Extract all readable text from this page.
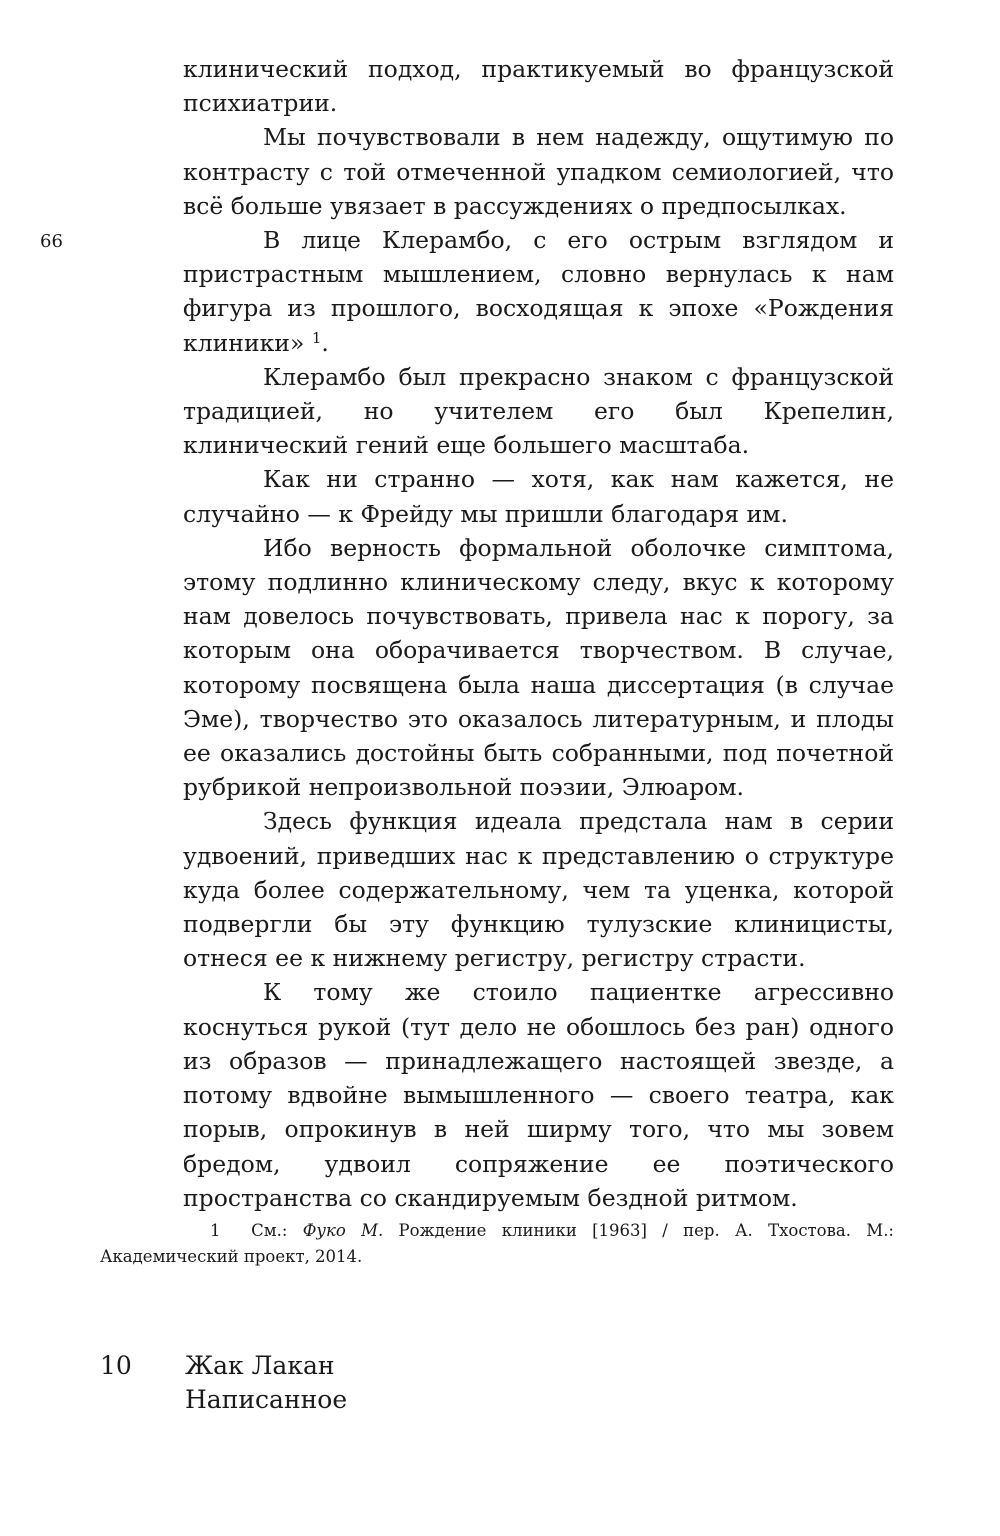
66

клинический подход, практикуемый во французской психиатрии.

Мы почувствовали в нем надежду, ощутимую по контрасту с той отмеченной упадком семиологией, что всё больше увязает в рассуждениях о предпосылках.

В лице Клерамбо, с его острым взглядом и пристрастным мышлением, словно вернулась к нам фигура из прошлого, восходящая к эпохе «Рождения клиники» $^1$.

Клерамбо был прекрасно знаком с французской традицией, но учителем его был Крепелин, клинический гений еще большего масштаба.

Как ни странно — хотя, как нам кажется, не случайно — к Фрейду мы пришли благодаря им.

Ибо верность формальной оболочке симптома, этому подлинно клиническому следу, вкус к которому нам довелось почувствовать, привела нас к порогу, за которым она оборачивается творчеством. В случае, которому посвящена была наша диссертация (в случае Эме), творчество это оказалось литературным, и плоды ее оказались достойны быть собранными, под почетной рубрикой непроизвольной поэзии, Элюаром.

Здесь функция идеала предстала нам в серии удвоений, приведших нас к представлению о структуре куда более содержательному, чем та уценка, которой подвергли бы эту функцию тулузские клиницисты, отнеся ее к нижнему регистру, регистру страсти.

К тому же стоило пациентке агрессивно коснуться рукой (тут дело не обошлось без ран) одного из образов — принадлежащего настоящей звезде, а потому вдвойне вымышленного — своего театра, как порыв, опрокинув в ней ширму того, что мы зовем бредом, удвоил сопряжение ее поэтического пространства со скандируемым бездной ритмом.

1 См.: Фуко М. Рождение клиники [1963] / пер. А. Тхостова. М.: Академический проект, 2014.
10 Жак Лакан
Написанное
